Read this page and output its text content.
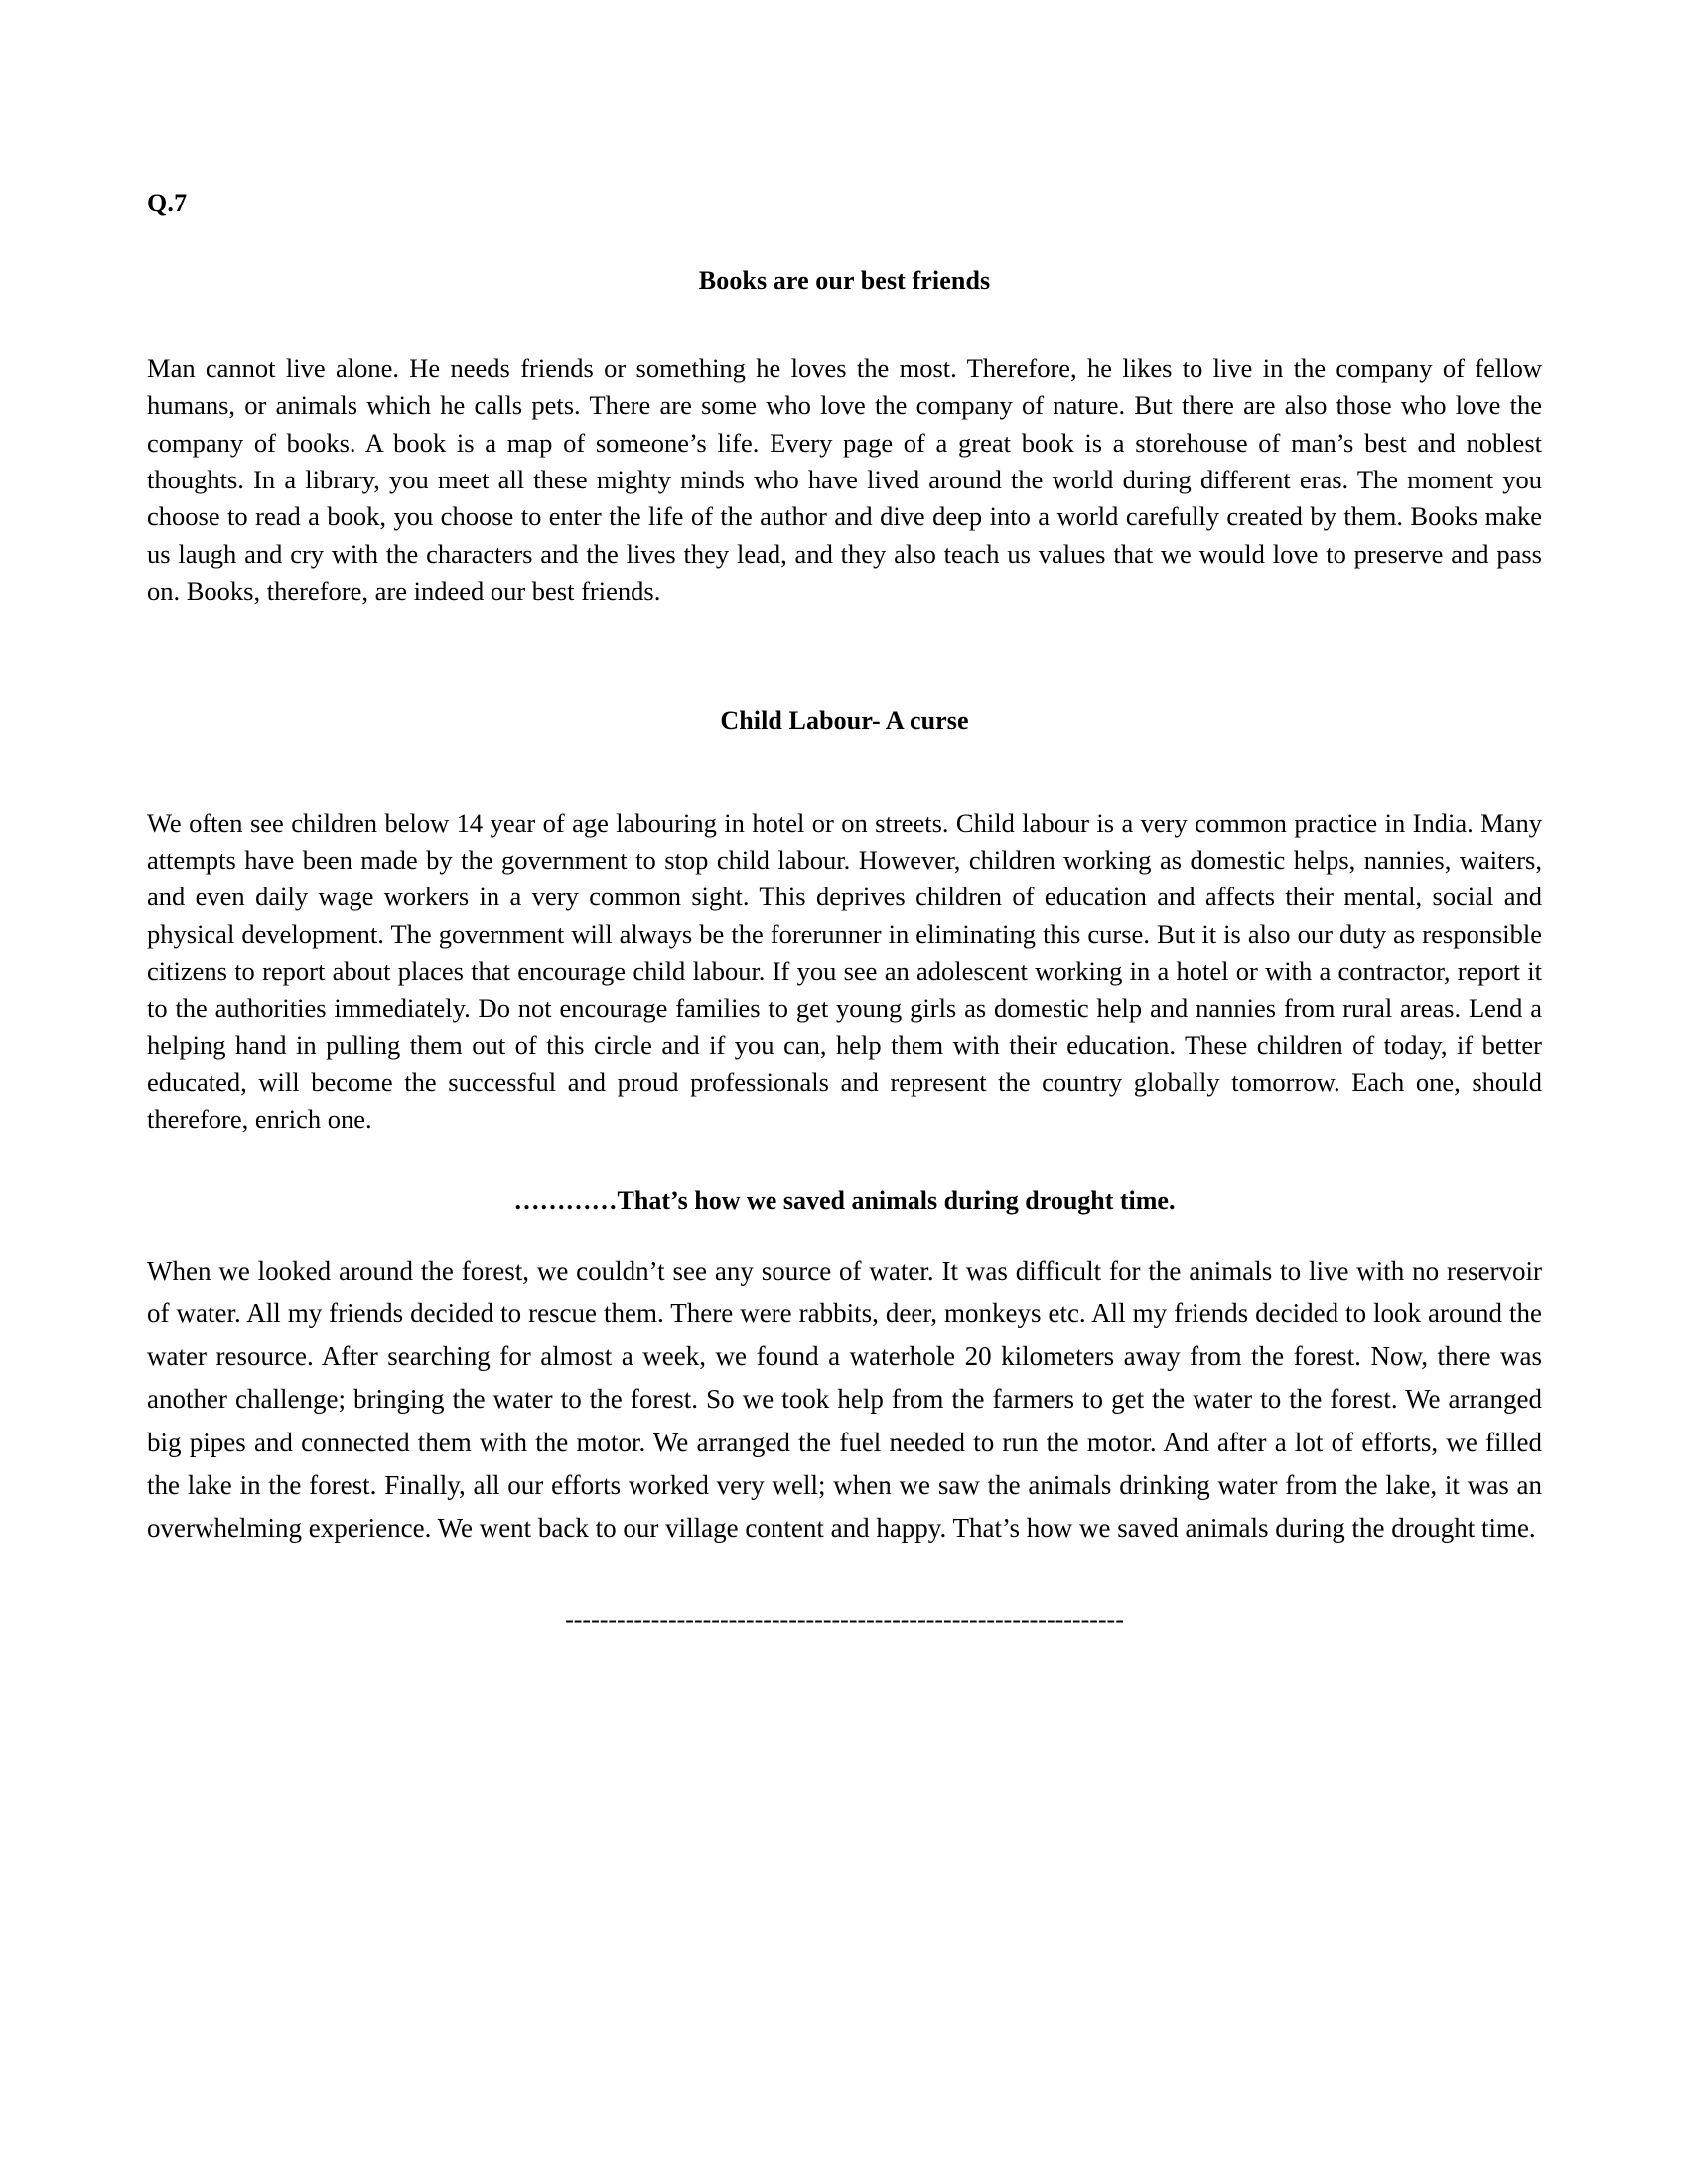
Q.7
Books are our best friends

Man cannot live alone. He needs friends or something he loves the most. Therefore, he likes to live in the company of fellow humans, or animals which he calls pets. There are some who love the company of nature. But there are also those who love the company of books. A book is a map of someone’s life. Every page of a great book is a storehouse of man’s best and noblest thoughts. In a library, you meet all these mighty minds who have lived around the world during different eras. The moment you choose to read a book, you choose to enter the life of the author and dive deep into a world carefully created by them. Books make us laugh and cry with the characters and the lives they lead, and they also teach us values that we would love to preserve and pass on. Books, therefore, are indeed our best friends.

Child Labour- A curse

We often see children below 14 year of age labouring in hotel or on streets. Child labour is a very common practice in India. Many attempts have been made by the government to stop child labour. However, children working as domestic helps, nannies, waiters, and even daily wage workers in a very common sight. This deprives children of education and affects their mental, social and physical development. The government will always be the forerunner in eliminating this curse. But it is also our duty as responsible citizens to report about places that encourage child labour. If you see an adolescent working in a hotel or with a contractor, report it to the authorities immediately. Do not encourage families to get young girls as domestic help and nannies from rural areas. Lend a helping hand in pulling them out of this circle and if you can, help them with their education. These children of today, if better educated, will become the successful and proud professionals and represent the country globally tomorrow. Each one, should therefore, enrich one.

…………That’s how we saved animals during drought time.

When we looked around the forest, we couldn’t see any source of water. It was difficult for the animals to live with no reservoir of water. All my friends decided to rescue them. There were rabbits, deer, monkeys etc. All my friends decided to look around the water resource. After searching for almost a week, we found a waterhole 20 kilometers away from the forest. Now, there was another challenge; bringing the water to the forest. So we took help from the farmers to get the water to the forest. We arranged big pipes and connected them with the motor. We arranged the fuel needed to run the motor. And after a lot of efforts, we filled the lake in the forest. Finally, all our efforts worked very well; when we saw the animals drinking water from the lake, it was an overwhelming experience. We went back to our village content and happy. That’s how we saved animals during the drought time.

-----------------------------------------------------------------
